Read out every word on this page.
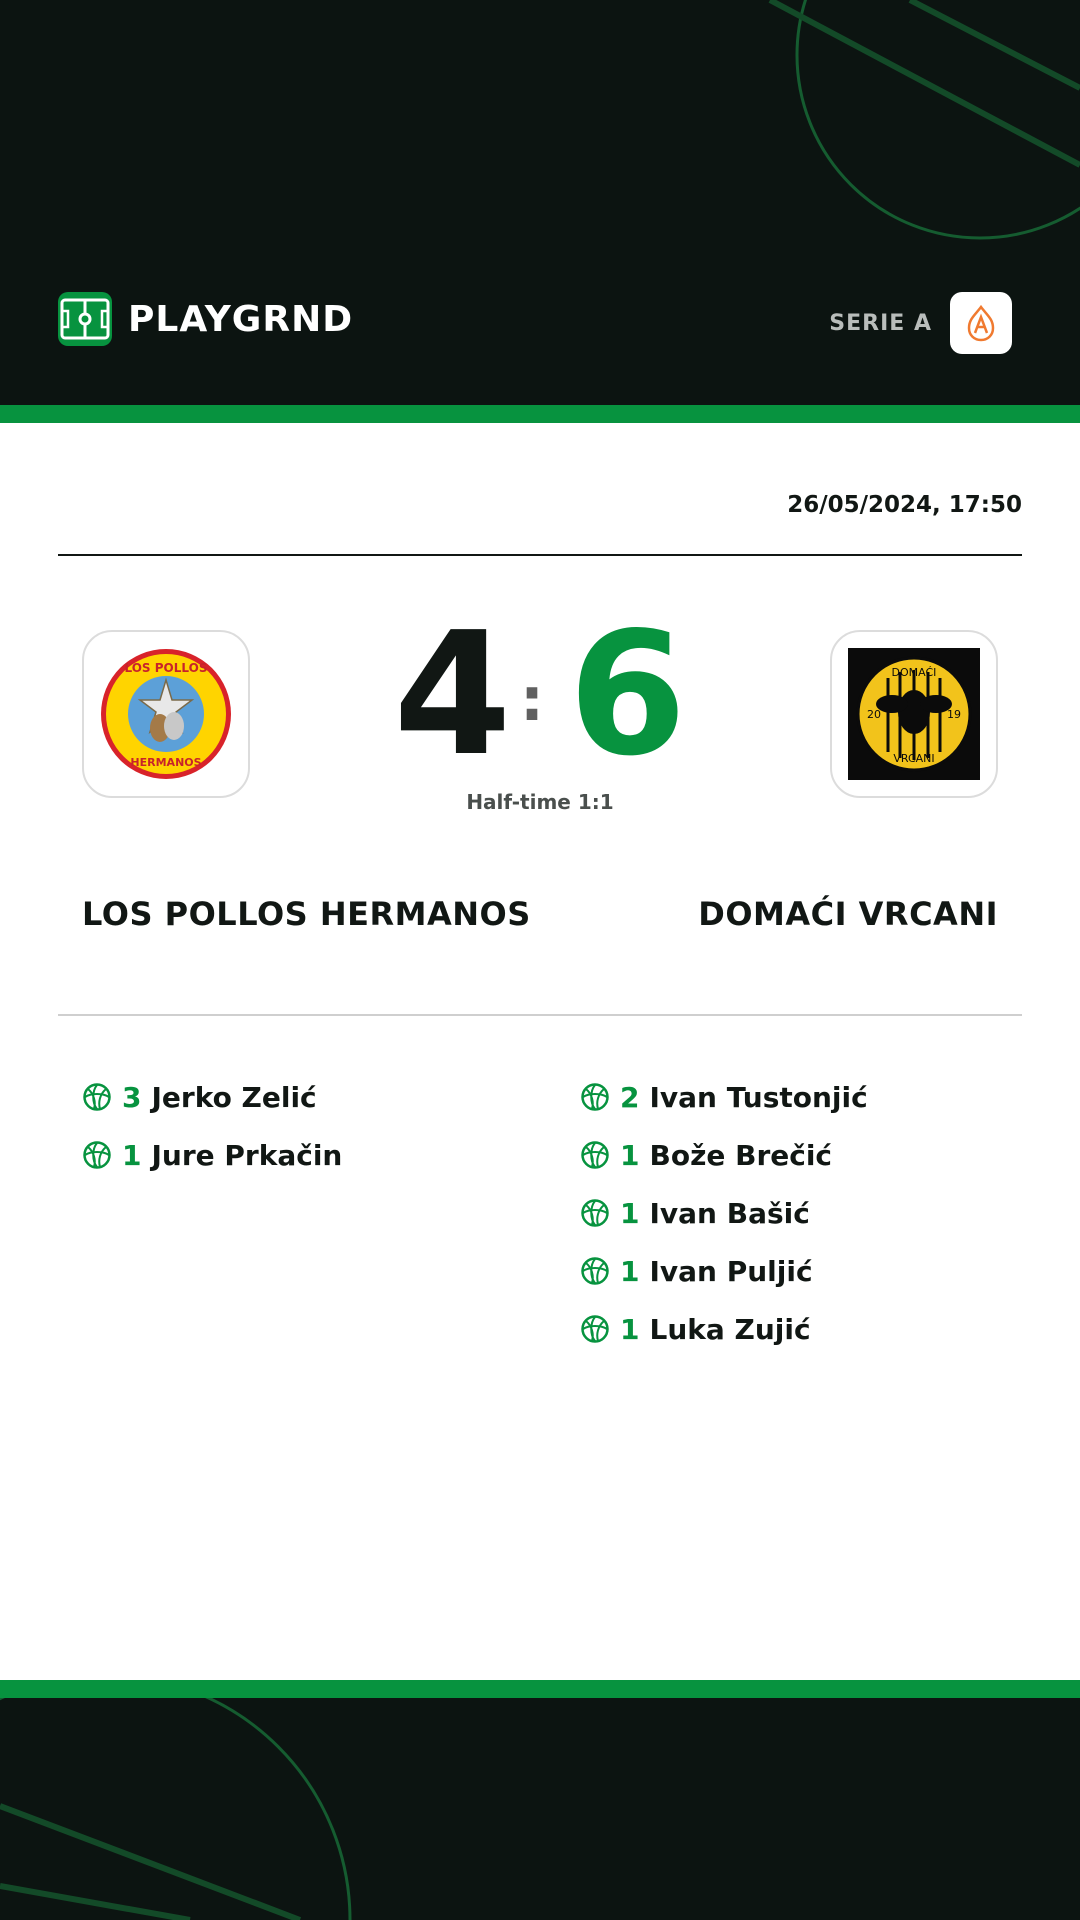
PLAYGRND	SERIE A
26/05/2024, 17:50
LOS POLLOS
HERMANOS
DOMAĆI
VRCANI
20	19
4 : 6
Half-time 1:1
LOS POLLOS HERMANOS	DOMAĆI VRCANI
3 Jerko Zelić
1 Jure Prkačin
2 Ivan Tustonjić
1 Bože Brečić
1 Ivan Bašić
1 Ivan Puljić
1 Luka Zujić
